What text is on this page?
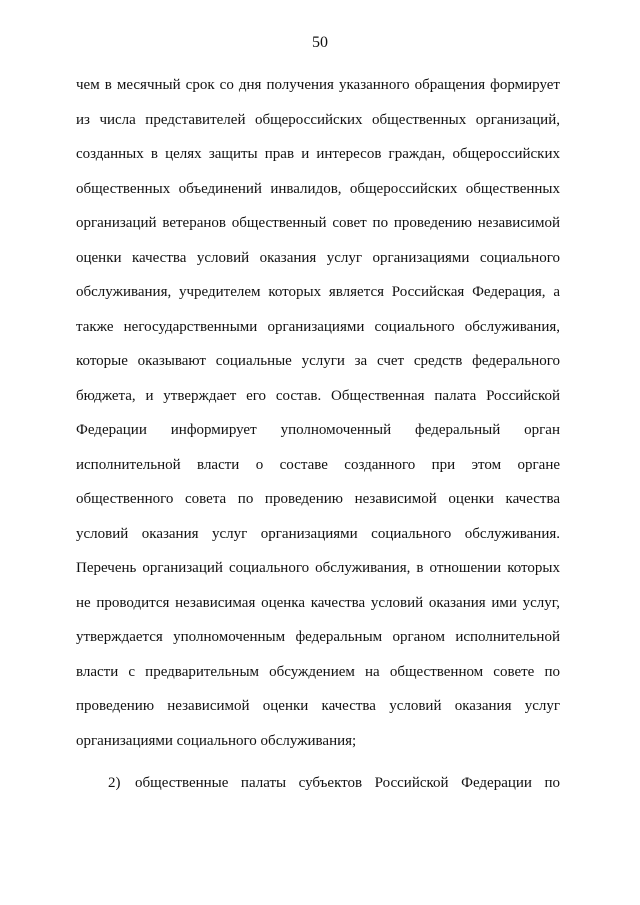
50
чем в месячный срок со дня получения указанного обращения формирует
из числа представителей общероссийских общественных организаций,
созданных в целях защиты прав и интересов граждан, общероссийских
общественных объединений инвалидов, общероссийских общественных
организаций ветеранов общественный совет по проведению независимой
оценки качества условий оказания услуг организациями социального
обслуживания, учредителем которых является Российская Федерация, а
также негосударственными организациями социального обслуживания,
которые оказывают социальные услуги за счет средств федерального
бюджета, и утверждает его состав. Общественная палата Российской
Федерации информирует уполномоченный федеральный орган
исполнительной власти о составе созданного при этом органе
общественного совета по проведению независимой оценки качества
условий оказания услуг организациями социального обслуживания.
Перечень организаций социального обслуживания, в отношении которых
не проводится независимая оценка качества условий оказания ими услуг,
утверждается уполномоченным федеральным органом исполнительной
власти с предварительным обсуждением на общественном совете по
проведению независимой оценки качества условий оказания услуг
организациями социального обслуживания;
2) общественные палаты субъектов Российской Федерации по
